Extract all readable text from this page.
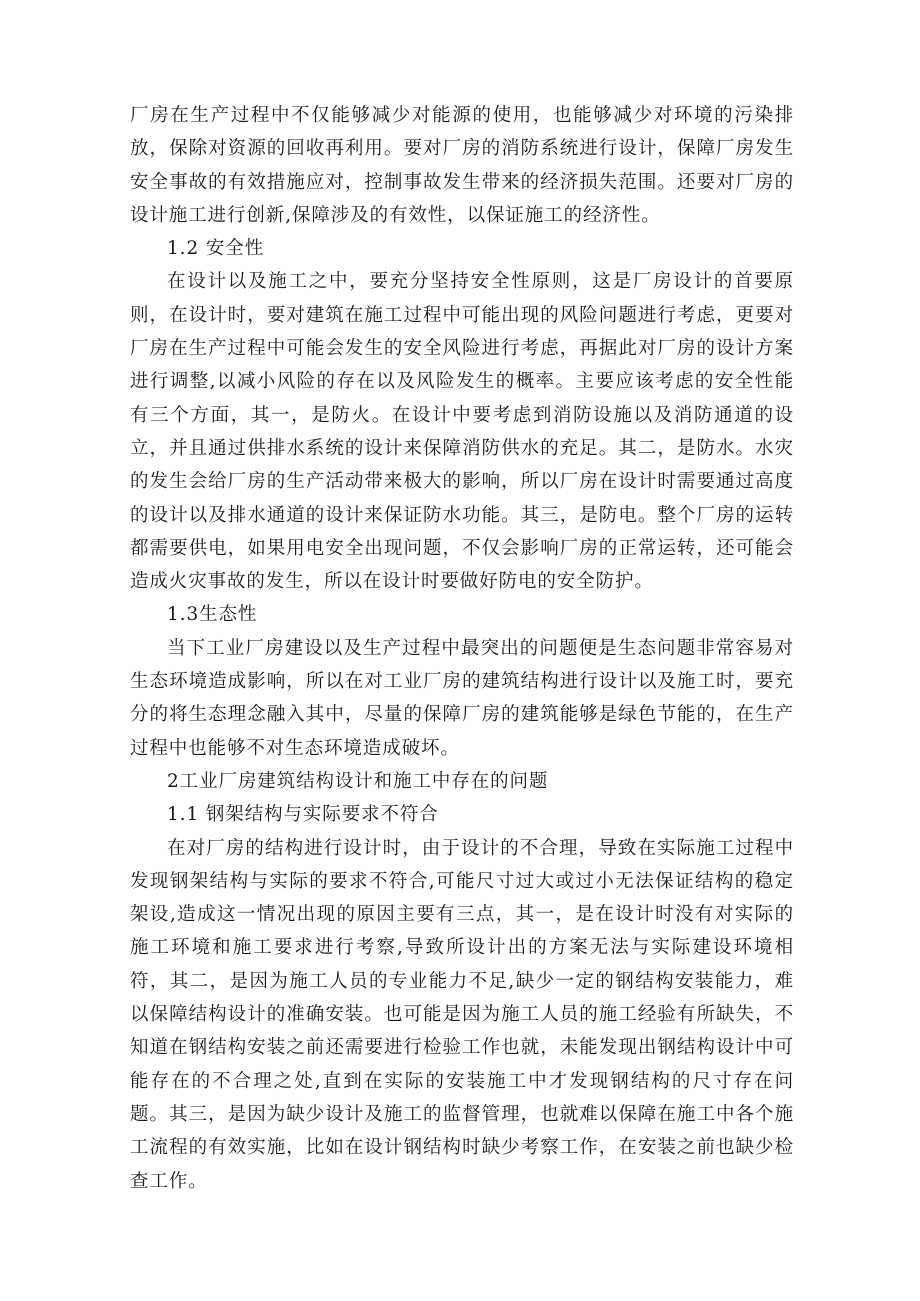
厂房在生产过程中不仅能够减少对能源的使用，也能够减少对环境的污染排放，保除对资源的回收再利用。要对厂房的消防系统进行设计，保障厂房发生安全事故的有效措施应对，控制事故发生带来的经济损失范围。还要对厂房的设计施工进行创新,保障涉及的有效性，以保证施工的经济性。

1.2 安全性

在设计以及施工之中，要充分坚持安全性原则，这是厂房设计的首要原则，在设计时，要对建筑在施工过程中可能出现的风险问题进行考虑，更要对厂房在生产过程中可能会发生的安全风险进行考虑，再据此对厂房的设计方案进行调整,以减小风险的存在以及风险发生的概率。主要应该考虑的安全性能有三个方面，其一，是防火。在设计中要考虑到消防设施以及消防通道的设立，并且通过供排水系统的设计来保障消防供水的充足。其二，是防水。水灾的发生会给厂房的生产活动带来极大的影响，所以厂房在设计时需要通过高度的设计以及排水通道的设计来保证防水功能。其三，是防电。整个厂房的运转都需要供电，如果用电安全出现问题，不仅会影响厂房的正常运转，还可能会造成火灾事故的发生，所以在设计时要做好防电的安全防护。

1.3生态性

当下工业厂房建设以及生产过程中最突出的问题便是生态问题非常容易对生态环境造成影响，所以在对工业厂房的建筑结构进行设计以及施工时，要充分的将生态理念融入其中，尽量的保障厂房的建筑能够是绿色节能的，在生产过程中也能够不对生态环境造成破坏。

2工业厂房建筑结构设计和施工中存在的问题

1.1 钢架结构与实际要求不符合

在对厂房的结构进行设计时，由于设计的不合理，导致在实际施工过程中发现钢架结构与实际的要求不符合,可能尺寸过大或过小无法保证结构的稳定架设,造成这一情况出现的原因主要有三点，其一，是在设计时没有对实际的施工环境和施工要求进行考察,导致所设计出的方案无法与实际建设环境相符，其二，是因为施工人员的专业能力不足,缺少一定的钢结构安装能力，难以保障结构设计的准确安装。也可能是因为施工人员的施工经验有所缺失，不知道在钢结构安装之前还需要进行检验工作也就，未能发现出钢结构设计中可能存在的不合理之处,直到在实际的安装施工中才发现钢结构的尺寸存在问题。其三，是因为缺少设计及施工的监督管理，也就难以保障在施工中各个施工流程的有效实施，比如在设计钢结构时缺少考察工作，在安装之前也缺少检查工作。
